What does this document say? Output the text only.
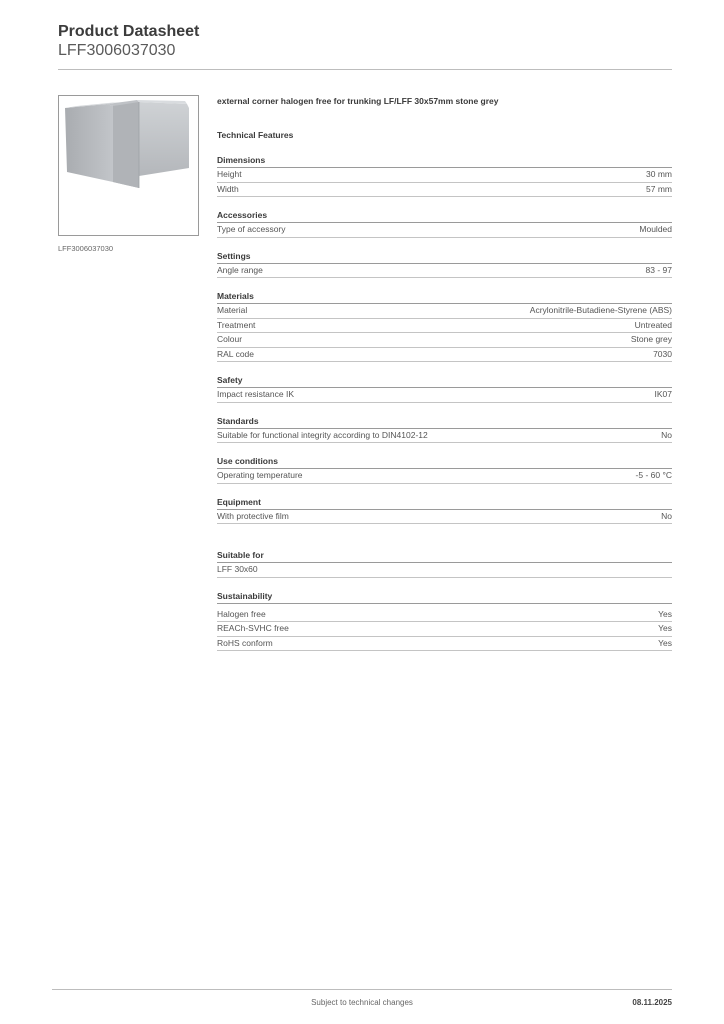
Product Datasheet
LFF3006037030
LFF3006037030
external corner halogen free for trunking LF/LFF 30x57mm stone grey
Technical Features
Dimensions
Height	30 mm
Width	57 mm
Accessories
Type of accessory	Moulded
Settings
Angle range	83 - 97
Materials
Material	Acrylonitrile-Butadiene-Styrene (ABS)
Treatment	Untreated
Colour	Stone grey
RAL code	7030
Safety
Impact resistance IK	IK07
Standards
Suitable for functional integrity according to DIN4102-12	No
Use conditions
Operating temperature	-5 - 60 °C
Equipment
With protective film	No
Suitable for
LFF 30x60
Sustainability
Halogen free	Yes
REACh-SVHC free	Yes
RoHS conform	Yes
Subject to technical changes	08.11.2025
